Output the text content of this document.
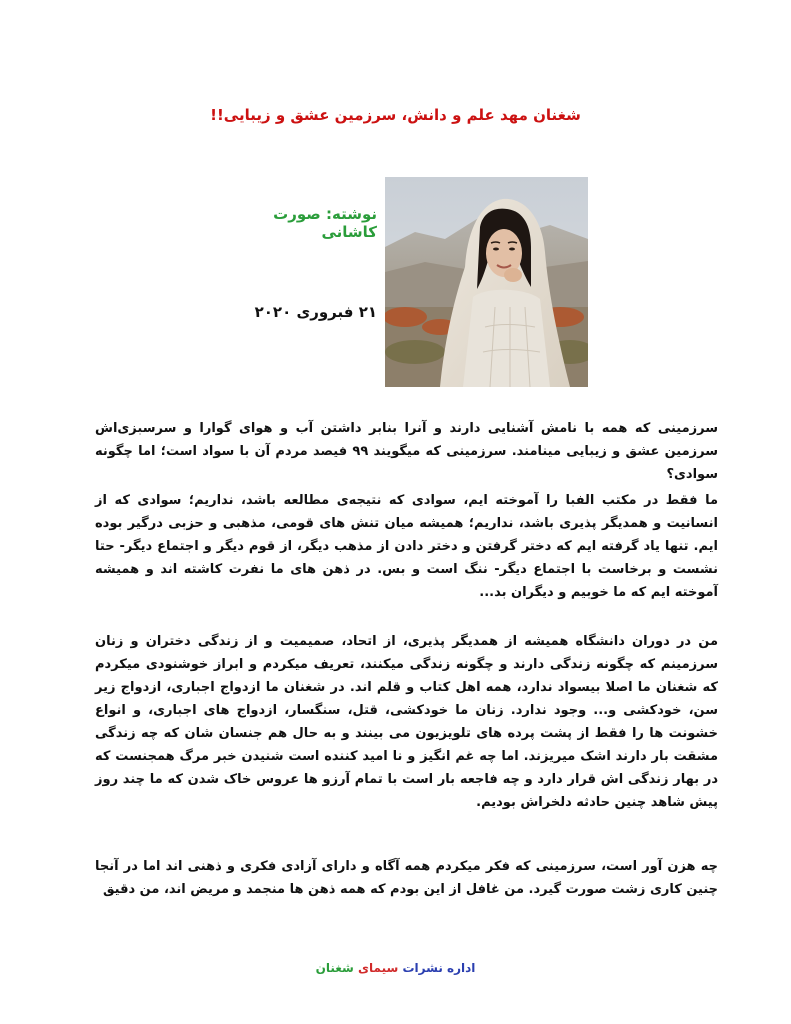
شغنان مهد علم و دانش، سرزمین عشق و زیبایی!!
نوشته: صورت کاشانی
۲۱ فبروری ۲۰۲۰
سرزمینی که همه با نامش آشنایی دارند و آنرا بنابر داشتن آب و هوای گوارا و سرسبزی‌اش سرزمین عشق و زیبایی مینامند. سرزمینی که میگویند ۹۹ فیصد مردم آن با سواد است؛ اما چگونه سوادی؟
ما فقط در مکتب الفبا را آموخته ایم، سوادی که نتیجه‌ی مطالعه باشد، نداریم؛ سوادی که از انسانیت و همدیگر پذیری باشد، نداریم؛ همیشه میان تنش های قومی، مذهبی و حزبی درگیر بوده ایم. تنها یاد گرفته ایم که دختر گرفتن و دختر دادن از مذهب دیگر، از قوم دیگر و اجتماع دیگر- حتا نشست و برخاست با اجتماع دیگر- ننگ است و بس. در ذهن های ما نفرت کاشته اند و همیشه آموخته ایم که ما خوبیم و دیگران بد...
من در دوران دانشگاه همیشه از همدیگر پذیری، از اتحاد، صمیمیت و از زندگی دختران و زنان سرزمینم که چگونه زندگی دارند و چگونه زندگی میکنند، تعریف میکردم و ابراز خوشنودی میکردم که شغنان ما اصلا بیسواد ندارد، همه اهل کتاب و قلم اند. در شغنان ما ازدواج اجباری، ازدواج زیر سن، خودکشی و... وجود ندارد. زنان ما خودکشی، قتل، سنگسار، ازدواج های اجباری، و انواع خشونت ها را فقط از پشت پرده های تلویزیون می بینند و به حال هم جنسان شان که چه زندگی مشقت بار دارند اشک میریزند. اما چه غم انگیز و نا امید کننده است شنیدن خبر مرگ همجنست که در بهار زندگی اش قرار دارد و چه فاجعه بار است با تمام آرزو ها عروس خاک شدن که ما چند روز پیش شاهد چنین حادثه دلخراش بودیم.
چه هزن آور است، سرزمینی که فکر میکردم همه آگاه و دارای آزادی فکری و ذهنی اند اما در آنجا چنین کاری زشت صورت گیرد. من غافل از این بودم که همه ذهن ها منجمد و مریض اند، من دقیق
اداره نشرات سیمای شغنان
